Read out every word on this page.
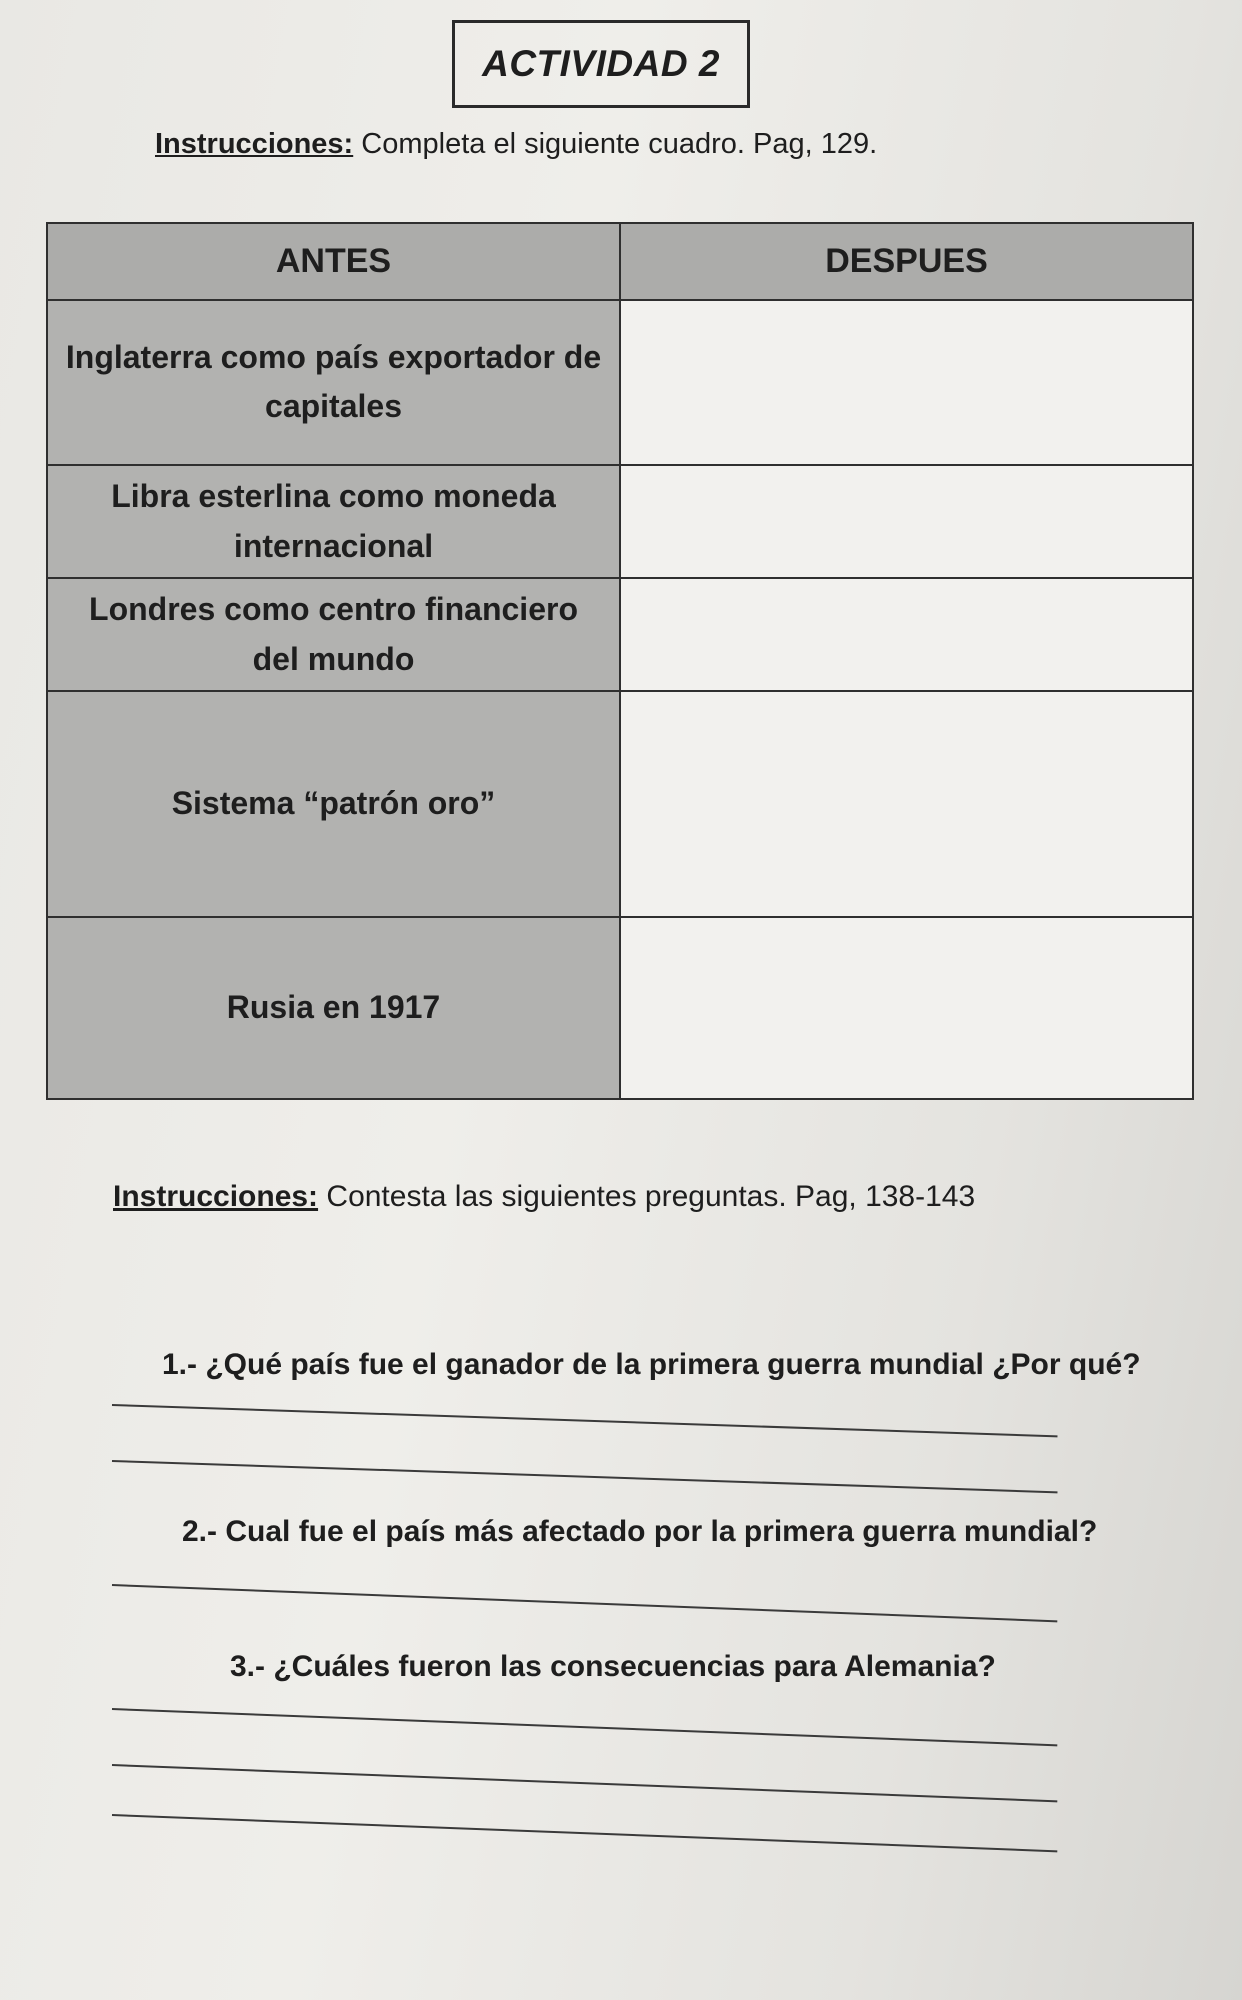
ACTIVIDAD 2
Instrucciones: Completa el siguiente cuadro. Pag, 129.
ANTES	DESPUES
Inglaterra como país exportador de capitales	
Libra esterlina como moneda internacional	
Londres como centro financiero del mundo	
Sistema “patrón oro”	
Rusia en 1917	
Instrucciones: Contesta las siguientes preguntas. Pag, 138-143
1.- ¿Qué país fue el ganador de la primera guerra mundial ¿Por qué?
2.- Cual fue el país más afectado por la primera guerra mundial?
3.- ¿Cuáles fueron las consecuencias para Alemania?
